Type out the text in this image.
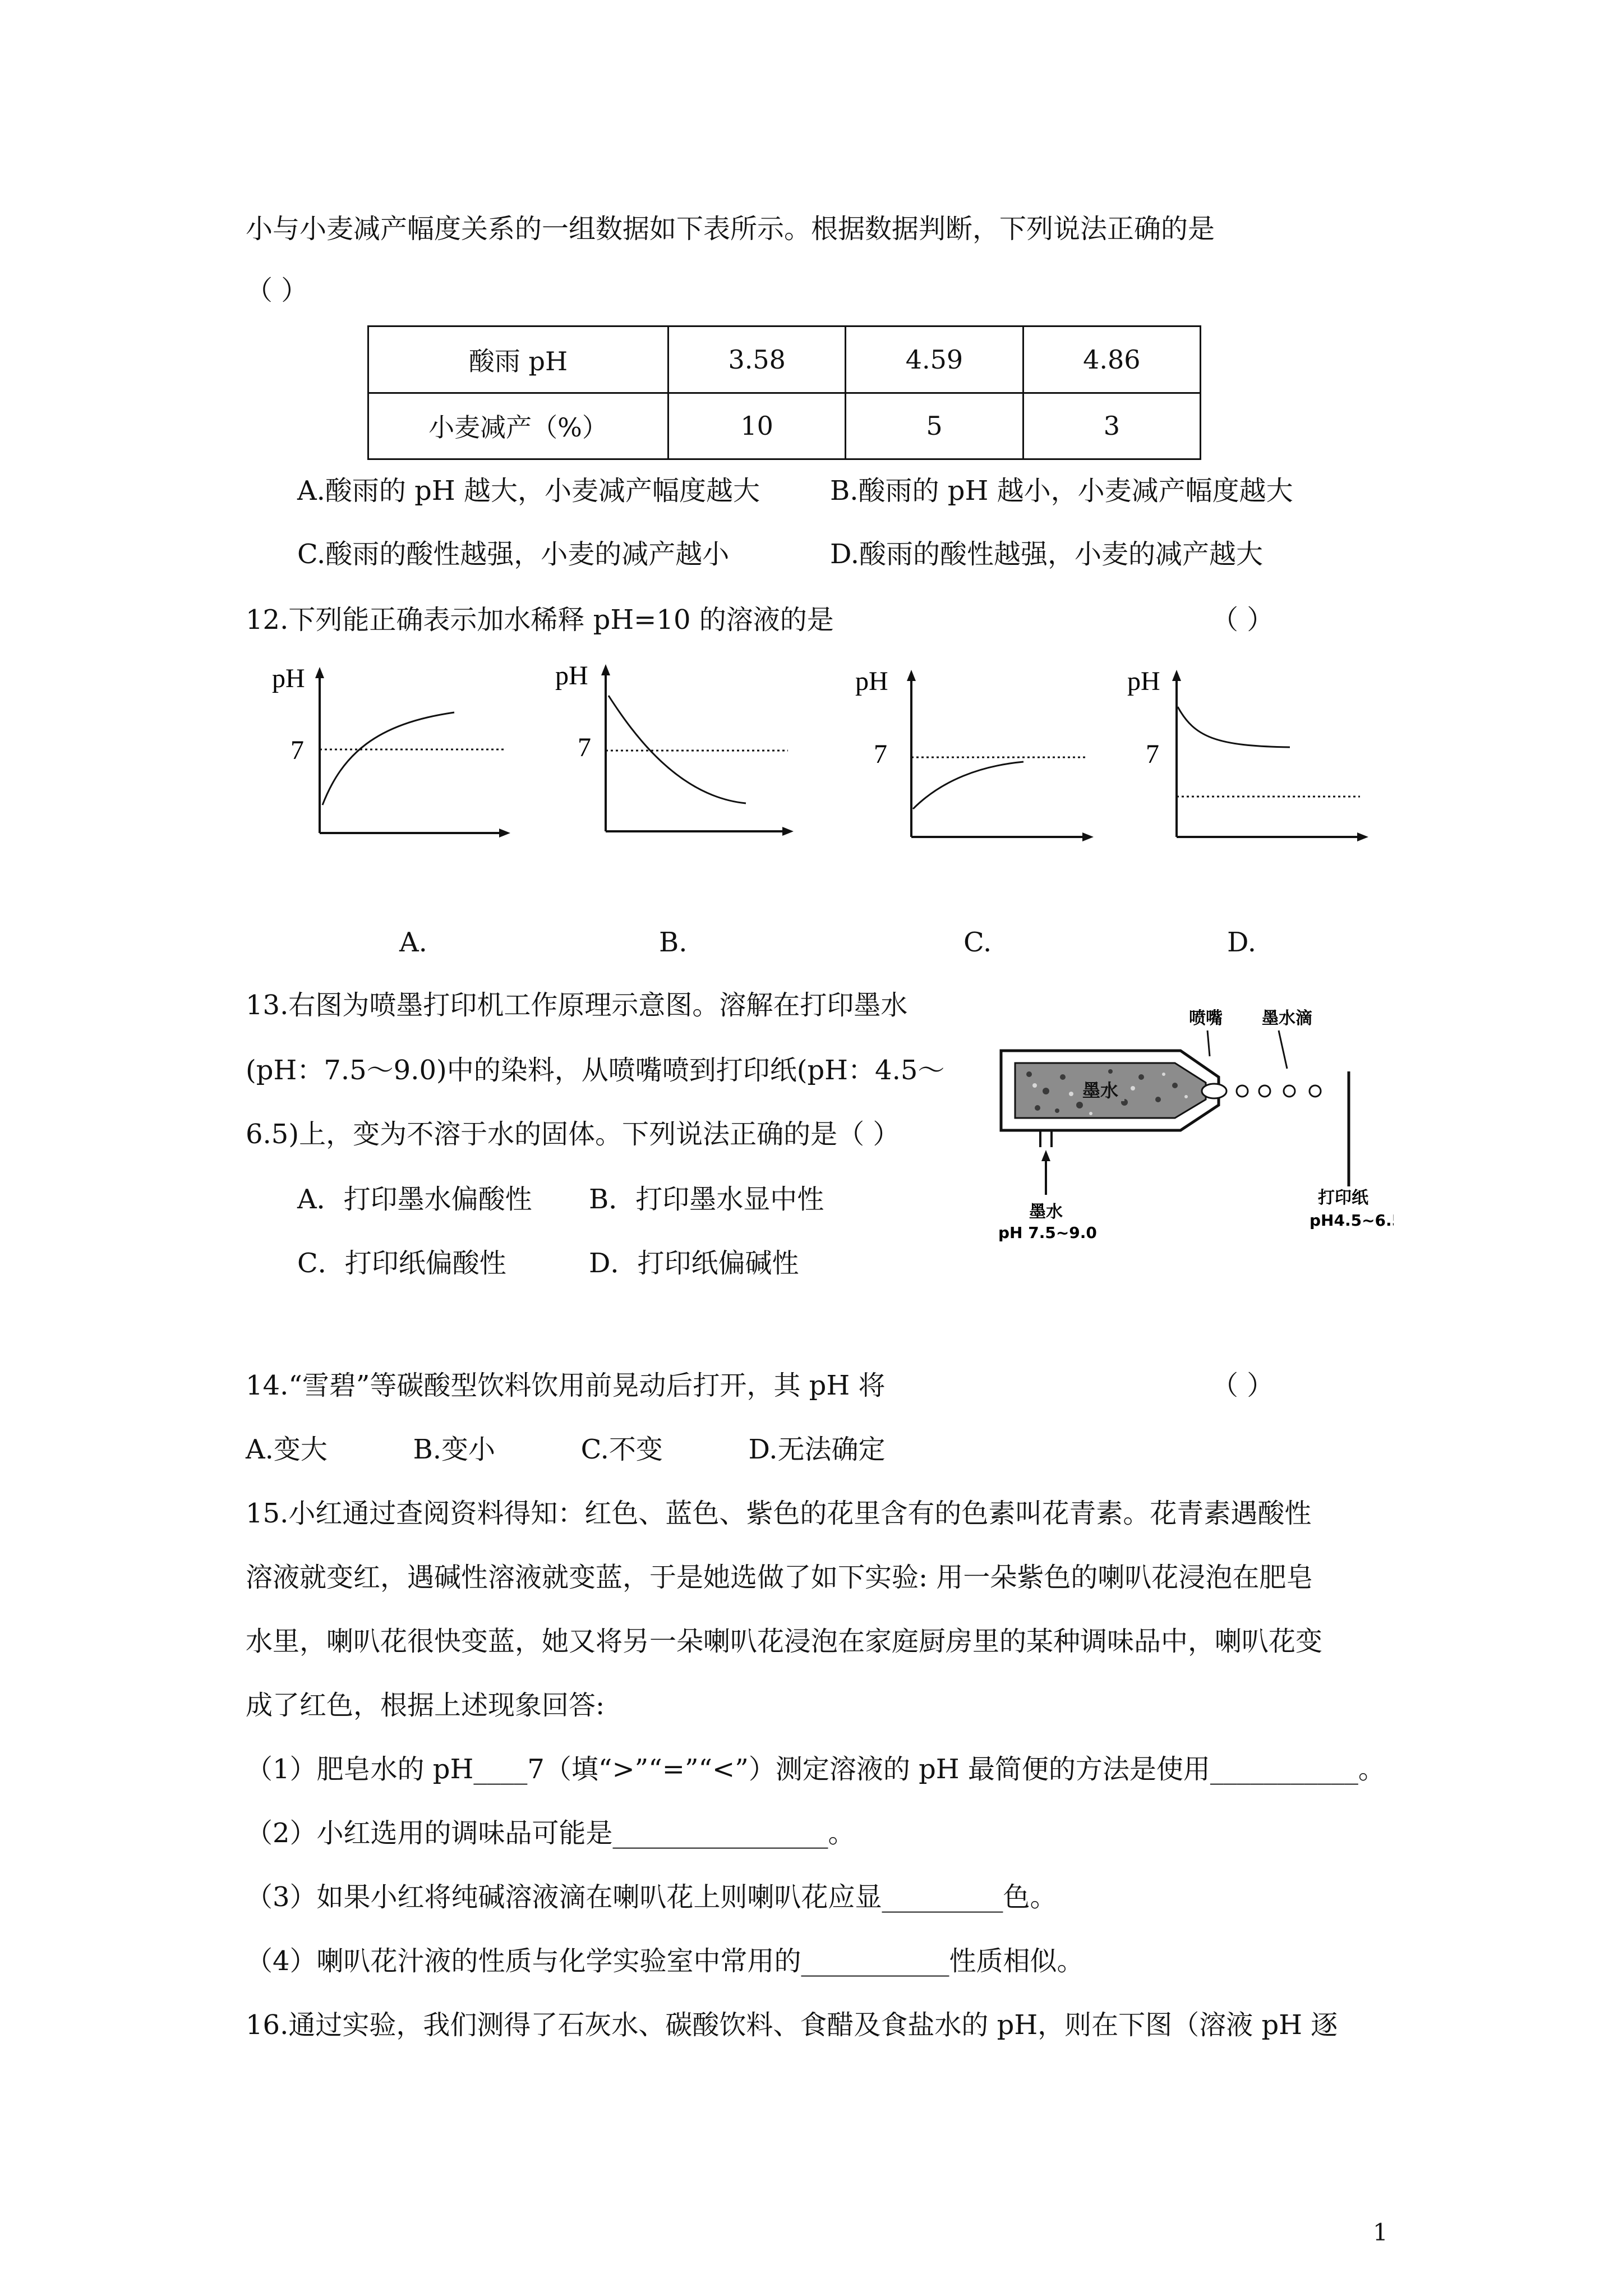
小与小麦减产幅度关系的一组数据如下表所示。根据数据判断，下列说法正确的是
（ ）
酸雨 pH	3.58	4.59	4.86
小麦减产（%）	10	5	3
A.酸雨的 pH 越大，小麦减产幅度越大	B.酸雨的 pH 越小，小麦减产幅度越大
C.酸雨的酸性越强，小麦的减产越小	D.酸雨的酸性越强，小麦的减产越大
12.下列能正确表示加水稀释 pH=10 的溶液的是	（ ）
pH
7
pH
7
pH
7
pH
7
A.	B.	C.	D.
13.右图为喷墨打印机工作原理示意图。溶解在打印墨水
(pH：7.5～9.0)中的染料，从喷嘴喷到打印纸(pH：4.5～
6.5)上，变为不溶于水的固体。下列说法正确的是（ ）
A．打印墨水偏酸性 B．打印墨水显中性
C．打印纸偏酸性	D．打印纸偏碱性
喷嘴 墨水滴
墨水
墨水
pH 7.5~9.0
打印纸
pH4.5~6.5
14.“雪碧”等碳酸型饮料饮用前晃动后打开，其 pH 将	（ ）
A.变大          B.变小          C.不变          D.无法确定
15.小红通过查阅资料得知：红色、蓝色、紫色的花里含有的色素叫花青素。花青素遇酸性
溶液就变红，遇碱性溶液就变蓝，于是她选做了如下实验: 用一朵紫色的喇叭花浸泡在肥皂
水里，喇叭花很快变蓝，她又将另一朵喇叭花浸泡在家庭厨房里的某种调味品中，喇叭花变
成了红色，根据上述现象回答:
（1）肥皂水的 pH____7（填“>”“=”“<”）测定溶液的 pH 最简便的方法是使用___________。
（2）小红选用的调味品可能是________________。
（3）如果小红将纯碱溶液滴在喇叭花上则喇叭花应显_________色。
（4）喇叭花汁液的性质与化学实验室中常用的___________性质相似。
16.通过实验，我们测得了石灰水、碳酸饮料、食醋及食盐水的 pH，则在下图（溶液 pH 逐
1
